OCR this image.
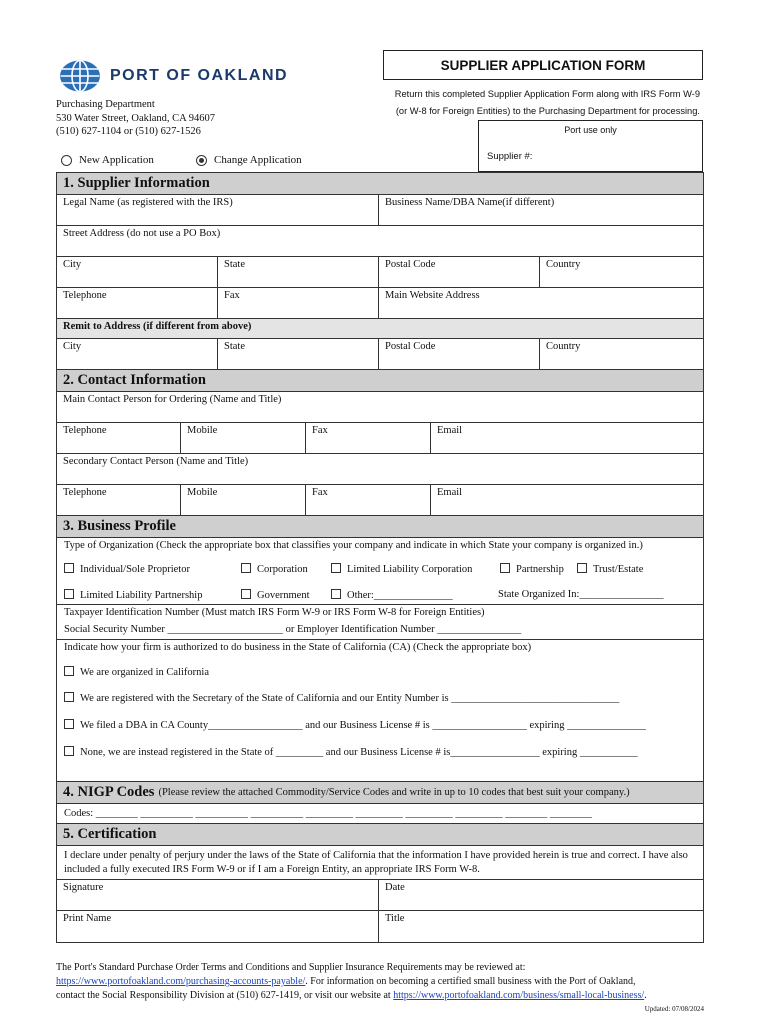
PORT OF OAKLAND
Purchasing Department
530 Water Street, Oakland, CA 94607
(510) 627-1104 or (510) 627-1526
SUPPLIER APPLICATION FORM
Return this completed Supplier Application Form along with IRS Form W-9
(or W-8 for Foreign Entities) to the Purchasing Department for processing.
Port use only
Supplier #:
New Application	Change Application
1. Supplier Information
Legal Name (as registered with the IRS)	Business Name/DBA Name(if different)
Street Address (do not use a PO Box)
City	State	Postal Code	Country
Telephone	Fax	Main Website Address
Remit to Address (if different from above)
City	State	Postal Code	Country
2. Contact Information
Main Contact Person for Ordering (Name and Title)
Telephone	Mobile	Fax	Email
Secondary Contact Person (Name and Title)
Telephone	Mobile	Fax	Email
3. Business Profile
Type of Organization (Check the appropriate box that classifies your company and indicate in which State your company is organized in.)
Individual/Sole Proprietor	Corporation	Limited Liability Corporation	Partnership	Trust/Estate
Limited Liability Partnership	Government	Other:_______________	State Organized In:________________
Taxpayer Identification Number (Must match IRS Form W-9 or IRS Form W-8 for Foreign Entities)
Social Security Number ______________________ or Employer Identification Number ________________
Indicate how your firm is authorized to do business in the State of California (CA) (Check the appropriate box)
We are organized in California
We are registered with the Secretary of the State of California and our Entity Number is ________________________________
We filed a DBA in CA County__________________ and our Business License # is __________________ expiring _______________
None, we are instead registered in the State of _________ and our Business License # is_________________ expiring ___________
4. NIGP Codes (Please review the attached Commodity/Service Codes and write in up to 10 codes that best suit your company.)
Codes: ________ __________ __________ __________ _________ _________ _________ _________ ________ ________
5. Certification
I declare under penalty of perjury under the laws of the State of California that the information I have provided herein is true and correct. I have also included a fully executed IRS Form W-9 or if I am a Foreign Entity, an appropriate IRS Form W-8.
Signature	Date
Print Name	Title
The Port's Standard Purchase Order Terms and Conditions and Supplier Insurance Requirements may be reviewed at:
https://www.portofoakland.com/purchasing-accounts-payable/. For information on becoming a certified small business with the Port of Oakland,
contact the Social Responsibility Division at (510) 627-1419, or visit our website at https://www.portofoakland.com/business/small-local-business/.
Updated: 07/08/2024
